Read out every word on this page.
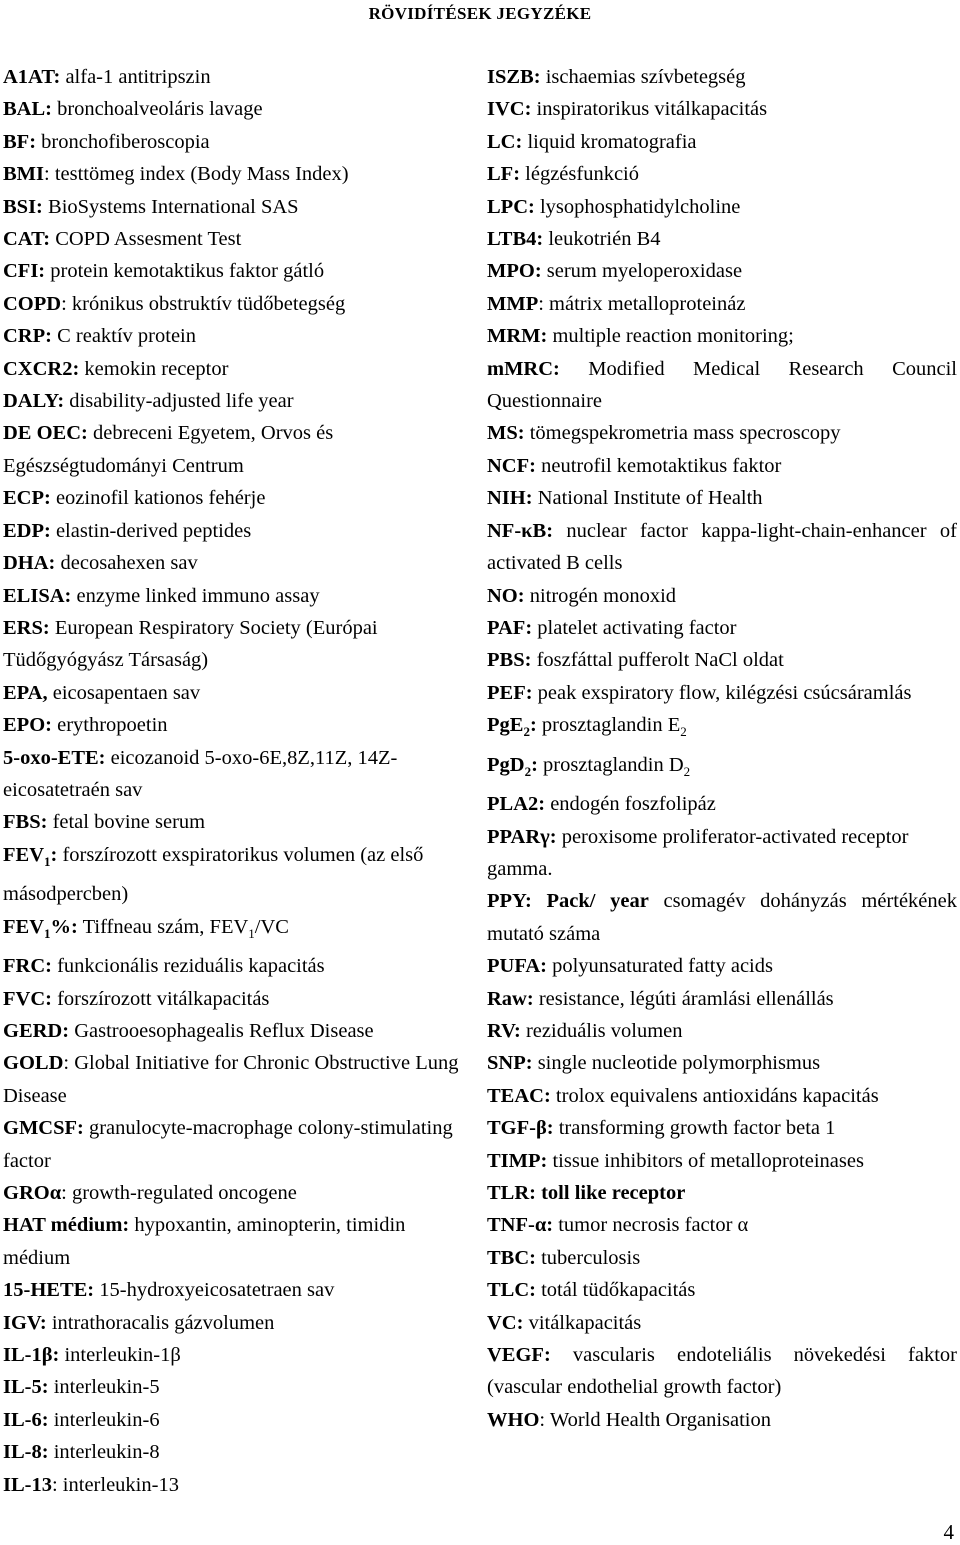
RÖVIDÍTÉSEK JEGYZÉKE

A1AT: alfa-1 antitripszin

BAL: bronchoalveoláris lavage

BF: bronchofiberoscopia

BMI: testtömeg index (Body Mass Index)

BSI: BioSystems International SAS

CAT: COPD Assesment Test

CFI: protein kemotaktikus faktor gátló

COPD: krónikus obstruktív tüdőbetegség

CRP: C reaktív protein

CXCR2: kemokin receptor

DALY: disability-adjusted life year

DE OEC: debreceni Egyetem, Orvos és Egészségtudományi Centrum

ECP: eozinofil kationos fehérje

EDP: elastin-derived peptides

DHA: decosahexen sav

ELISA: enzyme linked immuno assay

ERS: European Respiratory Society (Európai Tüdőgyógyász Társaság)

EPA, eicosapentaen sav

EPO: erythropoetin

5-oxo-ETE: eicozanoid 5-oxo-6E,8Z,11Z, 14Z-eicosatetraén sav

FBS: fetal bovine serum

$FEV_1$: forszírozott exspiratorikus volumen (az első másodpercben)

$FEV_1\%$: Tiffneau szám, $FEV_1/VC$

FRC: funkcionális reziduális kapacitás

FVC: forszírozott vitálkapacitás

GERD: Gastrooesophagealis Reflux Disease

GOLD: Global Initiative for Chronic Obstructive Lung Disease

GMCSF: granulocyte-macrophage colony-stimulating factor

GROα: growth-regulated oncogene

HAT médium: hypoxantin, aminopterin, timidin médium

15-HETE: 15-hydroxyeicosatetraen sav

IGV: intrathoracalis gázvolumen

IL-1β: interleukin-1β

IL-5: interleukin-5

IL-6: interleukin-6

IL-8: interleukin-8

IL-13: interleukin-13

ISZB: ischaemias szívbetegség

IVC: inspiratorikus vitálkapacitás

LC: liquid kromatografia

LF: légzésfunkció

LPC: lysophosphatidylcholine

LTB4: leukotrién B4

MPO: serum myeloperoxidase

MMP: mátrix metalloproteináz

MRM: multiple reaction monitoring;

mMRC: Modified Medical Research Council Questionnaire

MS: tömegspekrometria mass specroscopy

NCF: neutrofil kemotaktikus faktor

NIH: National Institute of Health

NF-κB: nuclear factor kappa-light-chain-enhancer of activated B cells

NO: nitrogén monoxid

PAF: platelet activating factor

PBS: foszfáttal pufferolt NaCl oldat

PEF: peak exspiratory flow, kilégzési csúcsáramlás

PgE$_2$: prosztaglandin $E_2$

PgD$_2$: prosztaglandin $D_2$

PLA2: endogén foszfolipáz

PPARγ: peroxisome proliferator-activated receptor gamma.

PPY: Pack/ year csomagév dohányzás mértékének mutató száma

PUFA: polyunsaturated fatty acids

Raw: resistance, légúti áramlási ellenállás

RV: reziduális volumen

SNP: single nucleotide polymorphismus

TEAC: trolox equivalens antioxidáns kapacitás

TGF-β: transforming growth factor beta 1

TIMP: tissue inhibitors of metalloproteinases

TLR: toll like receptor

TNF-α: tumor necrosis factor α

TBC: tuberculosis

TLC: totál tüdőkapacitás

VC: vitálkapacitás

VEGF: vascularis endoteliális növekedési faktor (vascular endothelial growth factor)

WHO: World Health Organisation

4
